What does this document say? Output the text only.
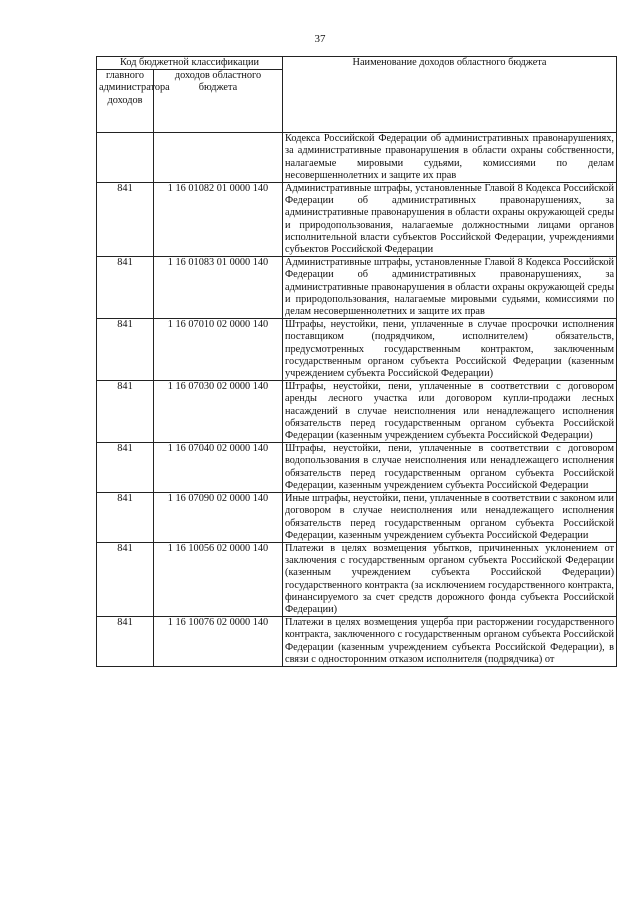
37
Код бюджетной классификации		Наименование доходов областного бюджета
главного администратора доходов	доходов областного бюджета	
		Кодекса Российской Федерации об административных правонарушениях, за административные правонарушения в области охраны собственности, налагаемые мировыми судьями, комиссиями по делам несовершеннолетних и защите их прав
841	1 16 01082 01 0000 140	Административные штрафы, установленные Главой 8 Кодекса Российской Федерации об административных правонарушениях, за административные правонарушения в области охраны окружающей среды и природопользования, налагаемые должностными лицами органов исполнительной власти субъектов Российской Федерации, учреждениями субъектов Российской Федерации
841	1 16 01083 01 0000 140	Административные штрафы, установленные Главой 8 Кодекса Российской Федерации об административных правонарушениях, за административные правонарушения в области охраны окружающей среды и природопользования, налагаемые мировыми судьями, комиссиями по делам несовершеннолетних и защите их прав
841	1 16 07010 02 0000 140	Штрафы, неустойки, пени, уплаченные в случае просрочки исполнения поставщиком (подрядчиком, исполнителем) обязательств, предусмотренных государственным контрактом, заключенным государственным органом субъекта Российской Федерации (казенным учреждением субъекта Российской Федерации)
841	1 16 07030 02 0000 140	Штрафы, неустойки, пени, уплаченные в соответствии с договором аренды лесного участка или договором купли-продажи лесных насаждений в случае неисполнения или ненадлежащего исполнения обязательств перед государственным органом субъекта Российской Федерации (казенным учреждением субъекта Российской Федерации)
841	1 16 07040 02 0000 140	Штрафы, неустойки, пени, уплаченные в соответствии с договором водопользования в случае неисполнения или ненадлежащего исполнения обязательств перед государственным органом субъекта Российской Федерации, казенным учреждением субъекта Российской Федерации
841	1 16 07090 02 0000 140	Иные штрафы, неустойки, пени, уплаченные в соответствии с законом или договором в случае неисполнения или ненадлежащего исполнения обязательств перед государственным органом субъекта Российской Федерации, казенным учреждением субъекта Российской Федерации
841	1 16 10056 02 0000 140	Платежи в целях возмещения убытков, причиненных уклонением от заключения с государственным органом субъекта Российской Федерации (казенным учреждением субъекта Российской Федерации) государственного контракта (за исключением государственного контракта, финансируемого за счет средств дорожного фонда субъекта Российской Федерации)
841	1 16 10076 02 0000 140	Платежи в целях возмещения ущерба при расторжении государственного контракта, заключенного с государственным органом субъекта Российской Федерации (казенным учреждением субъекта Российской Федерации), в связи с односторонним отказом исполнителя (подрядчика) от
